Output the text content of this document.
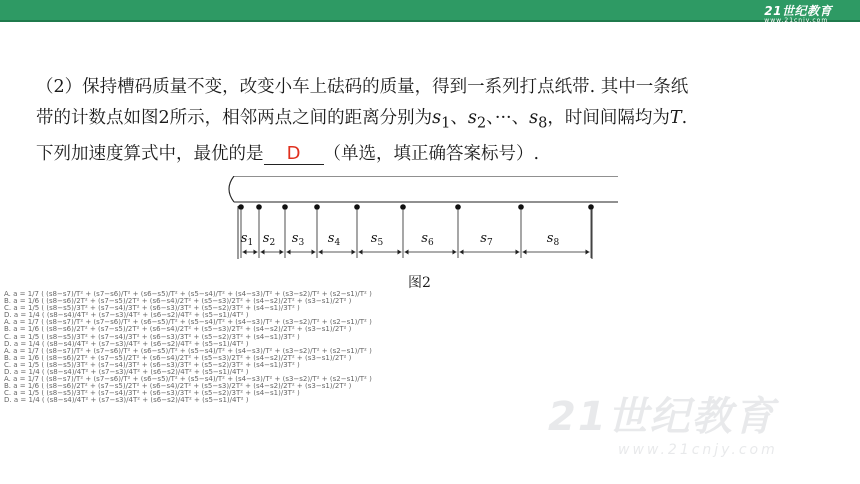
21世纪教育
www.21cnjy.com
（2）保持槽码质量不变，改变小车上砝码的质量，得到一系列打点纸带. 其中一条纸
带的计数点如图2所示，相邻两点之间的距离分别为$s_1$、$s_2$、···、$s_8$，时间间隔均为T.
下列加速度算式中，最优的是 D （单选，填正确答案标号）.
$s_1$ $s_2$ $s_3$ $s_4$ $s_5$	$s_6$	$s_7$	$s_8$
图2
A. a = 1/7 ( (s8−s7)/T² + (s7−s6)/T² + (s6−s5)/T² + (s5−s4)/T² + (s4−s3)/T² + (s3−s2)/T² + (s2−s1)/T² )
B. a = 1/6 ( (s8−s6)/2T² + (s7−s5)/2T² + (s6−s4)/2T² + (s5−s3)/2T² + (s4−s2)/2T² + (s3−s1)/2T² )
C. a = 1/5 ( (s8−s5)/3T² + (s7−s4)/3T² + (s6−s3)/3T² + (s5−s2)/3T² + (s4−s1)/3T² )
D. a = 1/4 ( (s8−s4)/4T² + (s7−s3)/4T² + (s6−s2)/4T² + (s5−s1)/4T² )
A. a = 1/7 ( (s8−s7)/T² + (s7−s6)/T² + (s6−s5)/T² + (s5−s4)/T² + (s4−s3)/T² + (s3−s2)/T² + (s2−s1)/T² )
B. a = 1/6 ( (s8−s6)/2T² + (s7−s5)/2T² + (s6−s4)/2T² + (s5−s3)/2T² + (s4−s2)/2T² + (s3−s1)/2T² )
C. a = 1/5 ( (s8−s5)/3T² + (s7−s4)/3T² + (s6−s3)/3T² + (s5−s2)/3T² + (s4−s1)/3T² )
D. a = 1/4 ( (s8−s4)/4T² + (s7−s3)/4T² + (s6−s2)/4T² + (s5−s1)/4T² )
A. a = 1/7 ( (s8−s7)/T² + (s7−s6)/T² + (s6−s5)/T² + (s5−s4)/T² + (s4−s3)/T² + (s3−s2)/T² + (s2−s1)/T² )
B. a = 1/6 ( (s8−s6)/2T² + (s7−s5)/2T² + (s6−s4)/2T² + (s5−s3)/2T² + (s4−s2)/2T² + (s3−s1)/2T² )
C. a = 1/5 ( (s8−s5)/3T² + (s7−s4)/3T² + (s6−s3)/3T² + (s5−s2)/3T² + (s4−s1)/3T² )
D. a = 1/4 ( (s8−s4)/4T² + (s7−s3)/4T² + (s6−s2)/4T² + (s5−s1)/4T² )
A. a = 1/7 ( (s8−s7)/T² + (s7−s6)/T² + (s6−s5)/T² + (s5−s4)/T² + (s4−s3)/T² + (s3−s2)/T² + (s2−s1)/T² )
B. a = 1/6 ( (s8−s6)/2T² + (s7−s5)/2T² + (s6−s4)/2T² + (s5−s3)/2T² + (s4−s2)/2T² + (s3−s1)/2T² )
C. a = 1/5 ( (s8−s5)/3T² + (s7−s4)/3T² + (s6−s3)/3T² + (s5−s2)/3T² + (s4−s1)/3T² )
D. a = 1/4 ( (s8−s4)/4T² + (s7−s3)/4T² + (s6−s2)/4T² + (s5−s1)/4T² )	21世纪教育
www.21cnjy.com
